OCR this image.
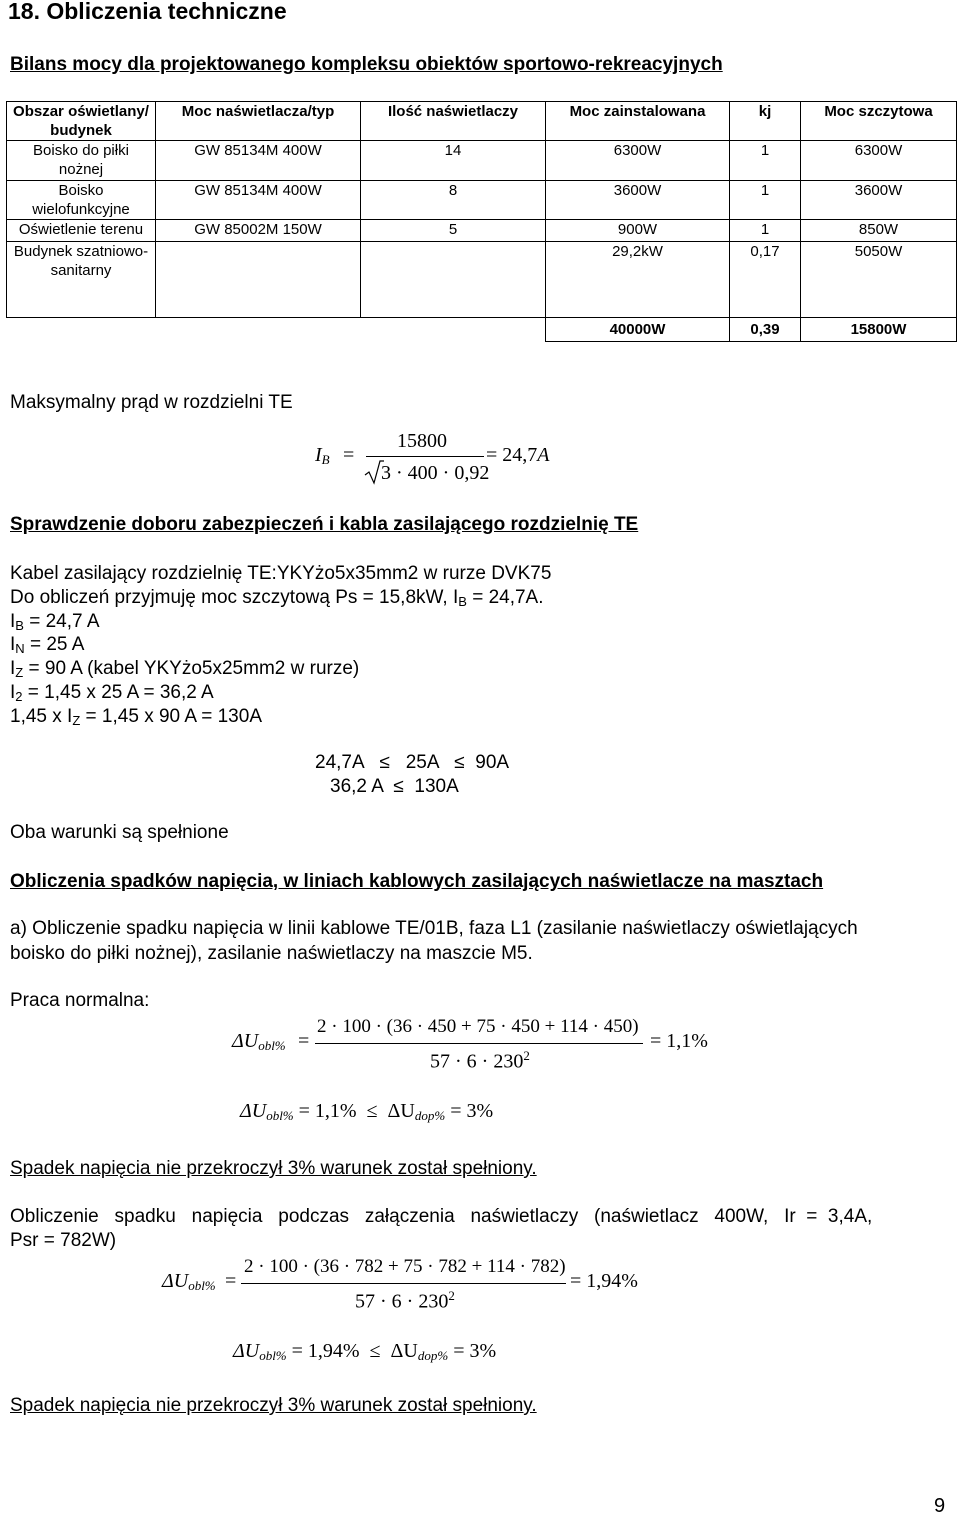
18. Obliczenia techniczne
Bilans mocy dla projektowanego kompleksu obiektów sportowo-rekreacyjnych
Obszar oświetlany/ budynek	Moc naświetlacza/typ	Ilość naświetlaczy	Moc zainstalowana	kj	Moc szczytowa
Boisko do piłki nożnej	GW 85134M 400W	14	6300W	1	6300W
Boisko wielofunkcyjne	GW 85134M 400W	8	3600W	1	3600W
Oświetlenie terenu	GW 85002M 150W	5	900W	1	850W
Budynek szatniowo-sanitarny			29,2kW	0,17	5050W
			40000W	0,39	15800W
Maksymalny prąd w rozdzielni TE
$I_B$ =
15800
3 · 400 · 0,92
= 24,7A
Sprawdzenie doboru zabezpieczeń i kabla zasilającego rozdzielnię TE
Kabel zasilający rozdzielnię TE:YKYżo5x35mm2 w rurze DVK75
Do obliczeń przyjmuję moc szczytową Ps = 15,8kW, $I_B = 24,7A$.
$I_B = 24,7$ A
$I_N = 25$ A
$I_Z = 90$ A (kabel YKYżo5x25mm2 w rurze)
$I_2 = 1,45$ x 25 A = 36,2 A
1,45 x $I_Z = 1,45$ x 90 A = 130A
24,7A   ≤   25A   ≤  90A
36,2 A  ≤  130A
Oba warunki są spełnione
Obliczenia spadków napięcia, w liniach kablowych zasilających naświetlacze na masztach
a) Obliczenie spadku napięcia w linii kablowe TE/01B, faza L1 (zasilanie naświetlaczy oświetlających
boisko do piłki nożnej), zasilanie naświetlaczy na maszcie M5.
Praca normalna:
$\Delta U_{obl\%}$ =
2 · 100 · (36 · 450 + 75 · 450 + 114 · 450)
$57 \cdot 6 \cdot 230^2$
= 1,1%
$\Delta U_{obl\%} = 1,1\% \le \Delta U_{dop\%} = 3\%$
Spadek napięcia nie przekroczył 3% warunek został spełniony.
Obliczenie   spadku   napięcia   podczas   załączenia   naświetlaczy   (naświetlacz   400W,   Ir  =  3,4A,
Psr = 782W)
$\Delta U_{obl\%}$ =
2 · 100 · (36 · 782 + 75 · 782 + 114 · 782)
$57 \cdot 6 \cdot 230^2$
= 1,94%
$\Delta U_{obl\%} = 1,94\% \le \Delta U_{dop\%} = 3\%$
Spadek napięcia nie przekroczył 3% warunek został spełniony.
9
